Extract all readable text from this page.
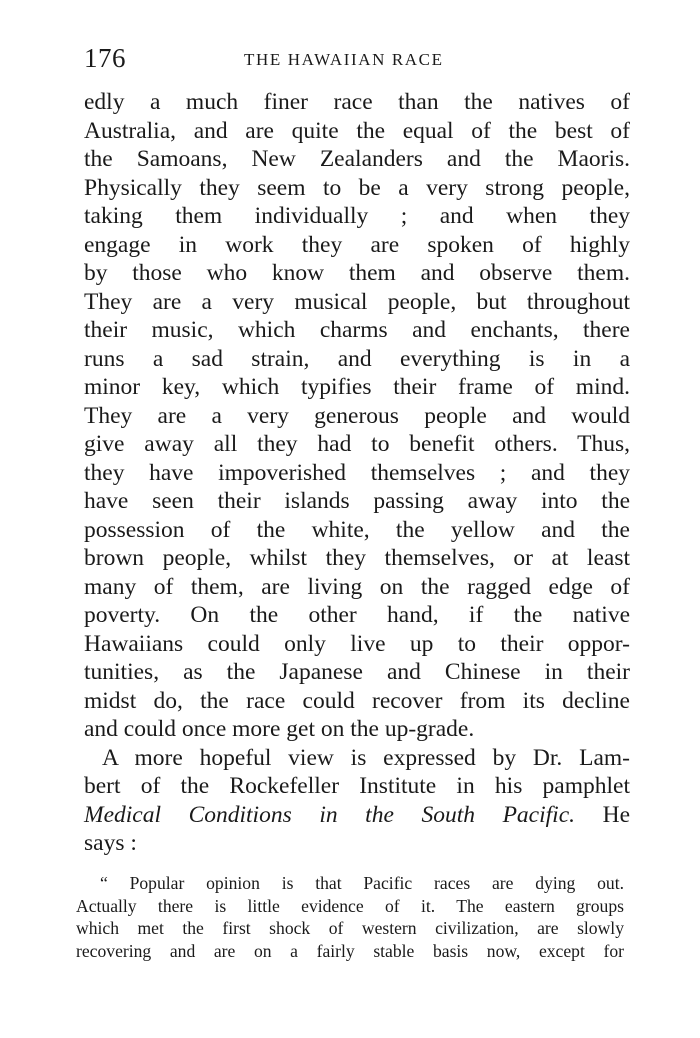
176	THE HAWAIIAN RACE
edly a much finer race than the natives of
Australia, and are quite the equal of the best of
the Samoans, New Zealanders and the Maoris.
Physically they seem to be a very strong people,
taking them individually ; and when they
engage in work they are spoken of highly
by those who know them and observe them.
They are a very musical people, but throughout
their music, which charms and enchants, there
runs a sad strain, and everything is in a
minor key, which typifies their frame of mind.
They are a very generous people and would
give away all they had to benefit others. Thus,
they have impoverished themselves ; and they
have seen their islands passing away into the
possession of the white, the yellow and the
brown people, whilst they themselves, or at least
many of them, are living on the ragged edge of
poverty. On the other hand, if the native
Hawaiians could only live up to their oppor-
tunities, as the Japanese and Chinese in their
midst do, the race could recover from its decline
and could once more get on the up-grade.
A more hopeful view is expressed by Dr. Lam-
bert of the Rockefeller Institute in his pamphlet
Medical Conditions in the South Pacific. He
says :
“ Popular opinion is that Pacific races are dying out.
Actually there is little evidence of it. The eastern groups
which met the first shock of western civilization, are slowly
recovering and are on a fairly stable basis now, except for
